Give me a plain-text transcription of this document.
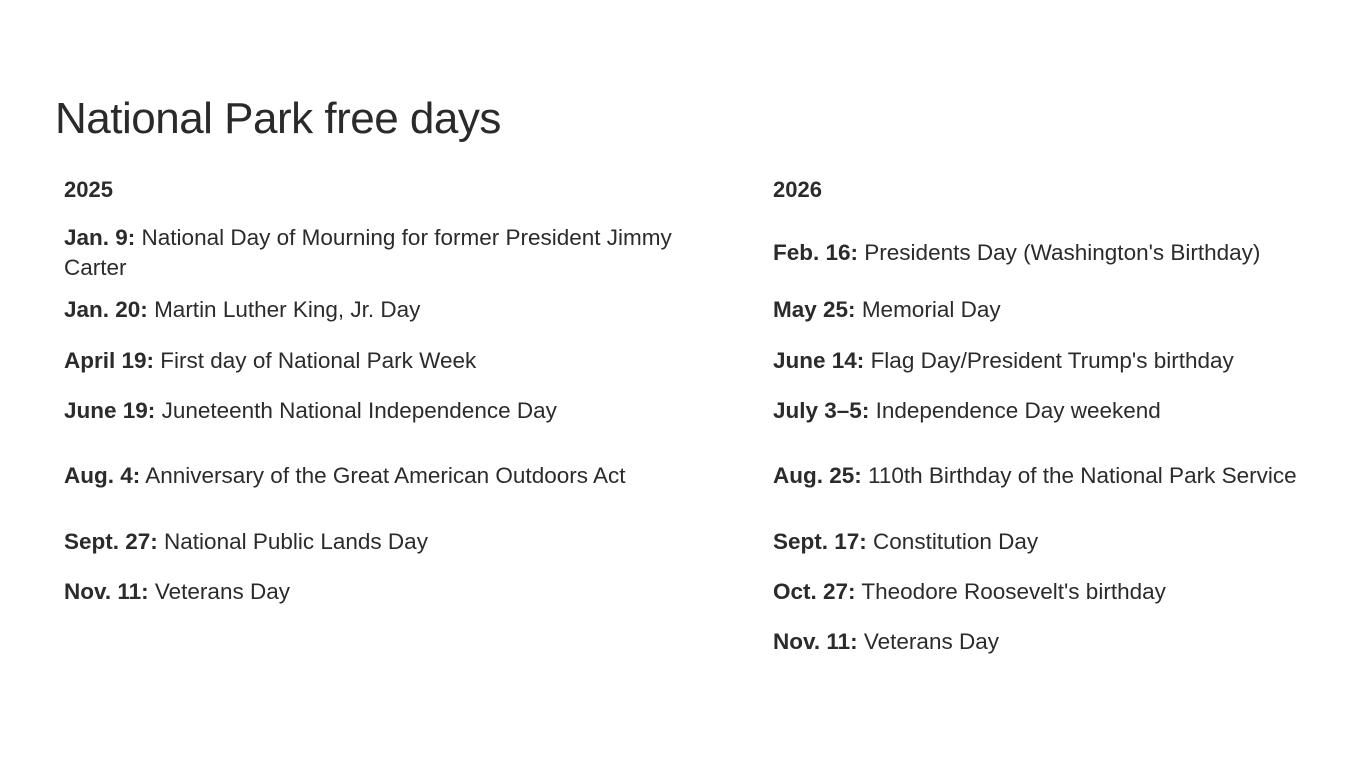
National Park free days
2025
Jan. 9: National Day of Mourning for former President Jimmy Carter
Jan. 20: Martin Luther King, Jr. Day
April 19: First day of National Park Week
June 19: Juneteenth National Independence Day
Aug. 4: Anniversary of the Great American Outdoors Act
Sept. 27: National Public Lands Day
Nov. 11: Veterans Day
2026
Feb. 16: Presidents Day (Washington's Birthday)
May 25: Memorial Day
June 14: Flag Day/President Trump's birthday
July 3–5: Independence Day weekend
Aug. 25: 110th Birthday of the National Park Service
Sept. 17: Constitution Day
Oct. 27: Theodore Roosevelt's birthday
Nov. 11: Veterans Day
